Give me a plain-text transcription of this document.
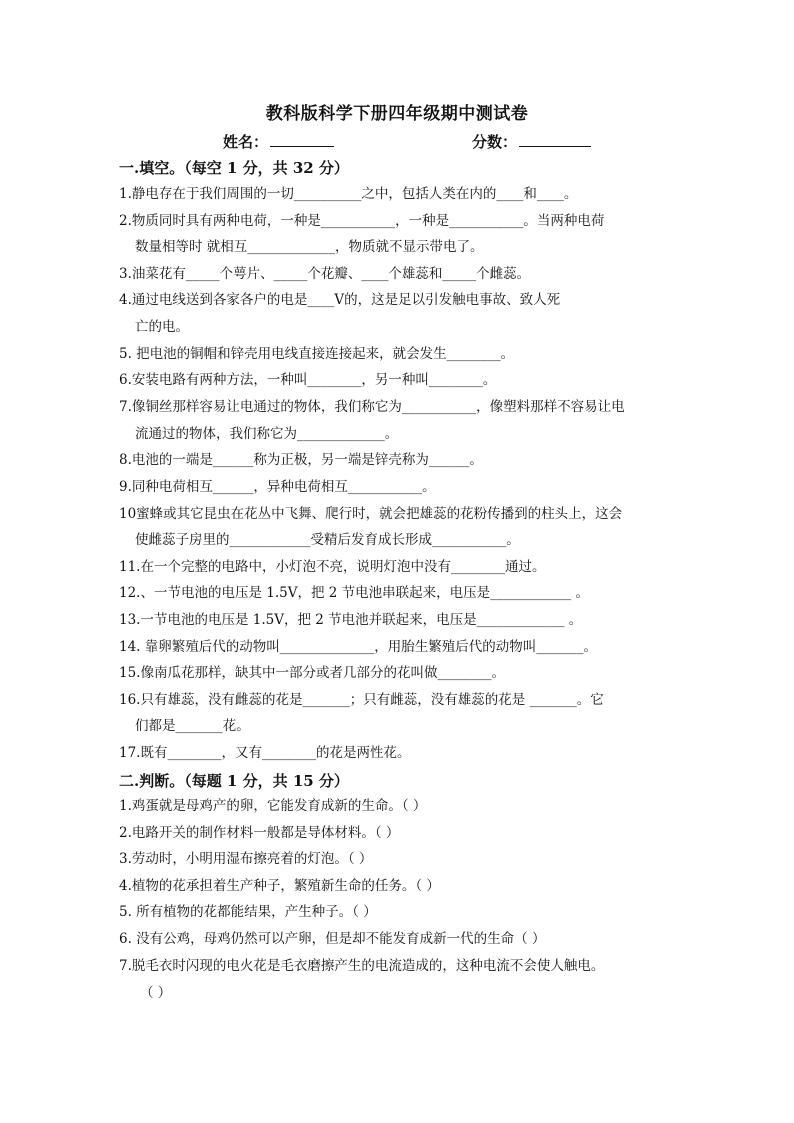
教科版科学下册四年级期中测试卷
姓名：	分数：
一.填空。（每空 1 分，共 32 分）
1.静电存在于我们周围的一切__________之中，包括人类在内的____和____。
2.物质同时具有两种电荷，一种是___________，一种是___________。当两种电荷
数量相等时 就相互_____________，物质就不显示带电了。
3.油菜花有_____个萼片、_____个花瓣、____个雄蕊和_____个雌蕊。
4.通过电线送到各家各户的电是____V的，这是足以引发触电事故、致人死
亡的电。
5. 把电池的铜帽和锌壳用电线直接连接起来，就会发生________。
6.安装电路有两种方法，一种叫________，另一种叫________。
7.像铜丝那样容易让电通过的物体，我们称它为___________，像塑料那样不容易让电
流通过的物体，我们称它为_____________。
8.电池的一端是______称为正极，另一端是锌壳称为______。
9.同种电荷相互______，异种电荷相互___________。
10蜜蜂或其它昆虫在花丛中飞舞、爬行时，就会把雄蕊的花粉传播到的柱头上，这会
使雌蕊子房里的____________受精后发育成长形成___________。
11.在一个完整的电路中，小灯泡不亮，说明灯泡中没有________通过。
12.、一节电池的电压是 1.5V，把 2 节电池串联起来，电压是____________ 。
13.一节电池的电压是 1.5V，把 2 节电池并联起来，电压是_____________ 。
14. 靠卵繁殖后代的动物叫______________，用胎生繁殖后代的动物叫_______。
15.像南瓜花那样，缺其中一部分或者几部分的花叫做________。
16.只有雄蕊，没有雌蕊的花是_______；只有雌蕊，没有雄蕊的花是 _______。它
们都是_______花。
17.既有________，又有________的花是两性花。
二.判断。（每题 1 分，共 15 分）
1.鸡蛋就是母鸡产的卵，它能发育成新的生命。（ ）
2.电路开关的制作材料一般都是导体材料。（ ）
3.劳动时，小明用湿布擦亮着的灯泡。（ ）
4.植物的花承担着生产种子，繁殖新生命的任务。（ ）
5. 所有植物的花都能结果，产生种子。（ ）
6. 没有公鸡，母鸡仍然可以产卵，但是却不能发育成新一代的生命（ ）
7.脱毛衣时闪现的电火花是毛衣磨擦产生的电流造成的，这种电流不会使人触电。
（ ）
